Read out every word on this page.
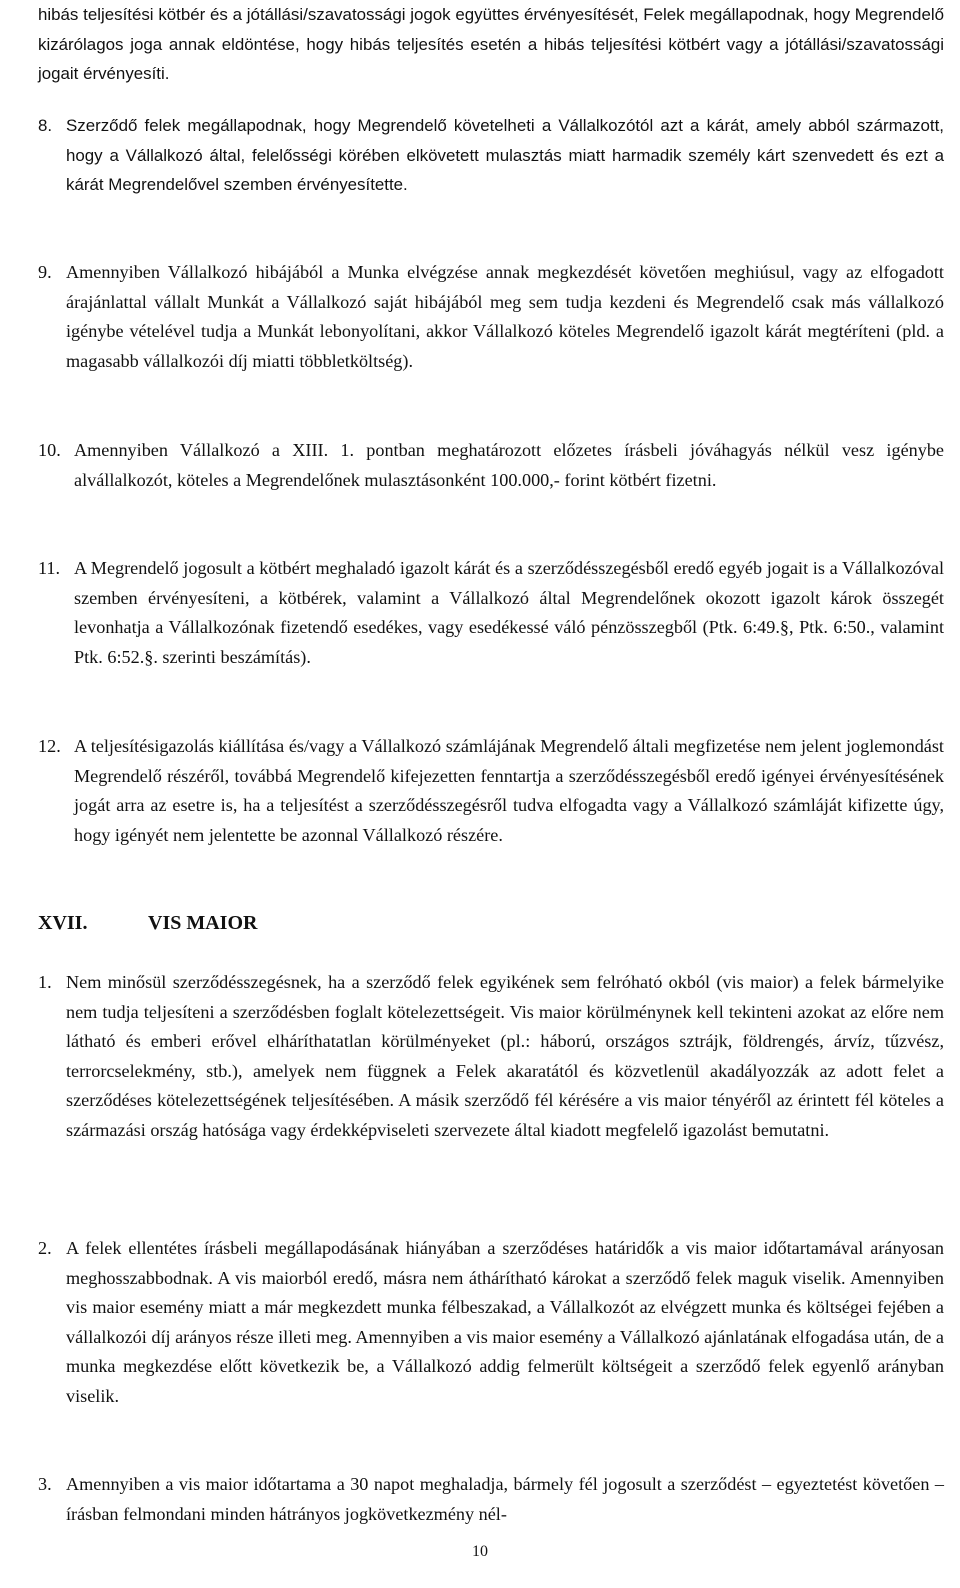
hibás teljesítési kötbér és a jótállási/szavatossági jogok együttes érvényesítését, Felek megállapodnak, hogy Megrendelő kizárólagos joga annak eldöntése, hogy hibás teljesítés esetén a hibás teljesítési kötbért vagy a jótállási/szavatossági jogait érvényesíti.
8. Szerződő felek megállapodnak, hogy Megrendelő követelheti a Vállalkozótól azt a kárát, amely abból származott, hogy a Vállalkozó által, felelősségi körében elkövetett mulasztás miatt harmadik személy kárt szenvedett és ezt a kárát Megrendelővel szemben érvényesítette.
9. Amennyiben Vállalkozó hibájából a Munka elvégzése annak megkezdését követően meghiúsul, vagy az elfogadott árajánlattal vállalt Munkát a Vállalkozó saját hibájából meg sem tudja kezdeni és Megrendelő csak más vállalkozó igénybe vételével tudja a Munkát lebonyolítani, akkor Vállalkozó köteles Megrendelő igazolt kárát megtéríteni (pld. a magasabb vállalkozói díj miatti többletköltség).
10. Amennyiben Vállalkozó a XIII. 1. pontban meghatározott előzetes írásbeli jóváhagyás nélkül vesz igénybe alvállalkozót, köteles a Megrendelőnek mulasztásonként 100.000,- forint kötbért fizetni.
11. A Megrendelő jogosult a kötbért meghaladó igazolt kárát és a szerződésszegésből eredő egyéb jogait is a Vállalkozóval szemben érvényesíteni, a kötbérek, valamint a Vállalkozó által Megrendelőnek okozott igazolt károk összegét levonhatja a Vállalkozónak fizetendő esedékes, vagy esedékessé váló pénzösszegből (Ptk. 6:49.§, Ptk. 6:50., valamint Ptk. 6:52.§. szerinti beszámítás).
12. A teljesítésigazolás kiállítása és/vagy a Vállalkozó számlájának Megrendelő általi megfizetése nem jelent joglemondást Megrendelő részéről, továbbá Megrendelő kifejezetten fenntartja a szerződésszegésből eredő igényei érvényesítésének jogát arra az esetre is, ha a teljesítést a szerződésszegésről tudva elfogadta vagy a Vállalkozó számláját kifizette úgy, hogy igényét nem jelentette be azonnal Vállalkozó részére.
XVII.	VIS MAIOR
1. Nem minősül szerződésszegésnek, ha a szerződő felek egyikének sem felróható okból (vis maior) a felek bármelyike nem tudja teljesíteni a szerződésben foglalt kötelezettségeit. Vis maior körülménynek kell tekinteni azokat az előre nem látható és emberi erővel elháríthatatlan körülményeket (pl.: háború, országos sztrájk, földrengés, árvíz, tűzvész, terrorcselekmény, stb.), amelyek nem függnek a Felek akaratától és közvetlenül akadályozzák az adott felet a szerződéses kötelezettségének teljesítésében. A másik szerződő fél kérésére a vis maior tényéről az érintett fél köteles a származási ország hatósága vagy érdekképviseleti szervezete által kiadott megfelelő igazolást bemutatni.
2. A felek ellentétes írásbeli megállapodásának hiányában a szerződéses határidők a vis maior időtartamával arányosan meghosszabbodnak. A vis maiorból eredő, másra nem áthárítható károkat a szerződő felek maguk viselik. Amennyiben vis maior esemény miatt a már megkezdett munka félbeszakad, a Vállalkozót az elvégzett munka és költségei fejében a vállalkozói díj arányos része illeti meg. Amennyiben a vis maior esemény a Vállalkozó ajánlatának elfogadása után, de a munka megkezdése előtt következik be, a Vállalkozó addig felmerült költségeit a szerződő felek egyenlő arányban viselik.
3. Amennyiben a vis maior időtartama a 30 napot meghaladja, bármely fél jogosult a szerződést – egyeztetést követően – írásban felmondani minden hátrányos jogkövetkezmény nél-
10
